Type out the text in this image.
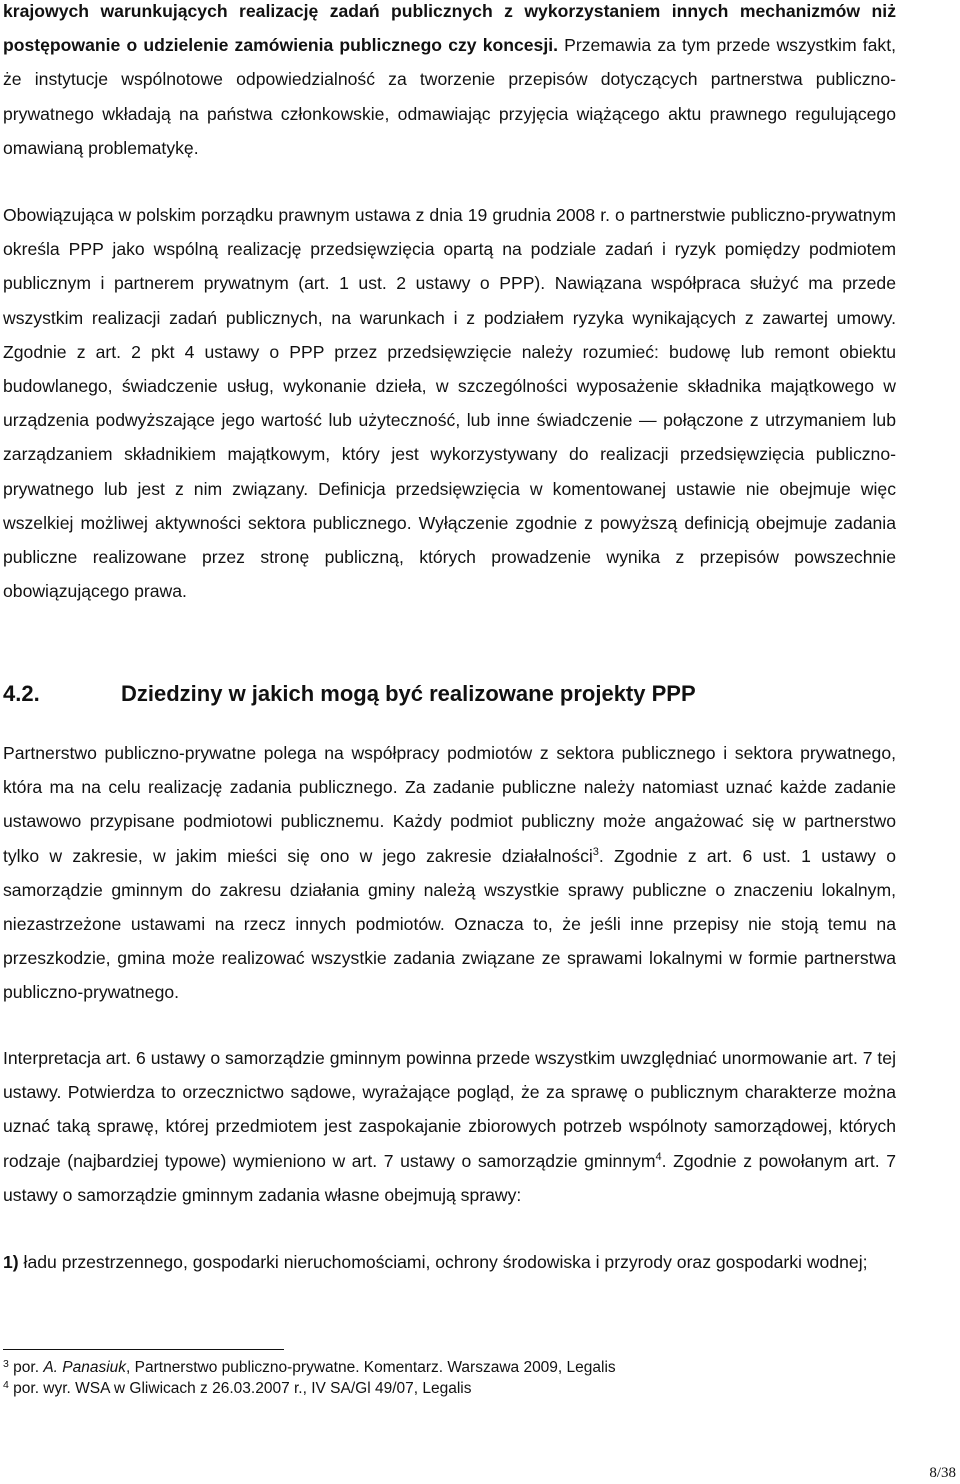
krajowych warunkujących realizację zadań publicznych z wykorzystaniem innych mechanizmów niż postępowanie o udzielenie zamówienia publicznego czy koncesji. Przemawia za tym przede wszystkim fakt, że instytucje wspólnotowe odpowiedzialność za tworzenie przepisów dotyczących partnerstwa publiczno-prywatnego wkładają na państwa członkowskie, odmawiając przyjęcia wiążącego aktu prawnego regulującego omawianą problematykę.

Obowiązująca w polskim porządku prawnym ustawa z dnia 19 grudnia 2008 r. o partnerstwie publiczno-prywatnym określa PPP jako wspólną realizację przedsięwzięcia opartą na podziale zadań i ryzyk pomiędzy podmiotem publicznym i partnerem prywatnym (art. 1 ust. 2 ustawy o PPP). Nawiązana współpraca służyć ma przede wszystkim realizacji zadań publicznych, na warunkach i z podziałem ryzyka wynikających z zawartej umowy. Zgodnie z art. 2 pkt 4 ustawy o PPP przez przedsięwzięcie należy rozumieć: budowę lub remont obiektu budowlanego, świadczenie usług, wykonanie dzieła, w szczególności wyposażenie składnika majątkowego w urządzenia podwyższające jego wartość lub użyteczność, lub inne świadczenie — połączone z utrzymaniem lub zarządzaniem składnikiem majątkowym, który jest wykorzystywany do realizacji przedsięwzięcia publiczno-prywatnego lub jest z nim związany. Definicja przedsięwzięcia w komentowanej ustawie nie obejmuje więc wszelkiej możliwej aktywności sektora publicznego. Wyłączenie zgodnie z powyższą definicją obejmuje zadania publiczne realizowane przez stronę publiczną, których prowadzenie wynika z przepisów powszechnie obowiązującego prawa.

4.2.	Dziedziny w jakich mogą być realizowane projekty PPP

Partnerstwo publiczno-prywatne polega na współpracy podmiotów z sektora publicznego i sektora prywatnego, która ma na celu realizację zadania publicznego. Za zadanie publiczne należy natomiast uznać każde zadanie ustawowo przypisane podmiotowi publicznemu. Każdy podmiot publiczny może angażować się w partnerstwo tylko w zakresie, w jakim mieści się ono w jego zakresie działalności$^3$. Zgodnie z art. 6 ust. 1 ustawy o samorządzie gminnym do zakresu działania gminy należą wszystkie sprawy publiczne o znaczeniu lokalnym, niezastrzeżone ustawami na rzecz innych podmiotów. Oznacza to, że jeśli inne przepisy nie stoją temu na przeszkodzie, gmina może realizować wszystkie zadania związane ze sprawami lokalnymi w formie partnerstwa publiczno-prywatnego.

Interpretacja art. 6 ustawy o samorządzie gminnym powinna przede wszystkim uwzględniać unormowanie art. 7 tej ustawy. Potwierdza to orzecznictwo sądowe, wyrażające pogląd, że za sprawę o publicznym charakterze można uznać taką sprawę, której przedmiotem jest zaspokajanie zbiorowych potrzeb wspólnoty samorządowej, których rodzaje (najbardziej typowe) wymieniono w art. 7 ustawy o samorządzie gminnym$^4$. Zgodnie z powołanym art. 7 ustawy o samorządzie gminnym zadania własne obejmują sprawy:

1) ładu przestrzennego, gospodarki nieruchomościami, ochrony środowiska i przyrody oraz gospodarki wodnej;

$^3$ por. A. Panasiuk, Partnerstwo publiczno-prywatne. Komentarz. Warszawa 2009, Legalis
$^4$ por. wyr. WSA w Gliwicach z 26.03.2007 r., IV SA/Gl 49/07, Legalis
8/38
